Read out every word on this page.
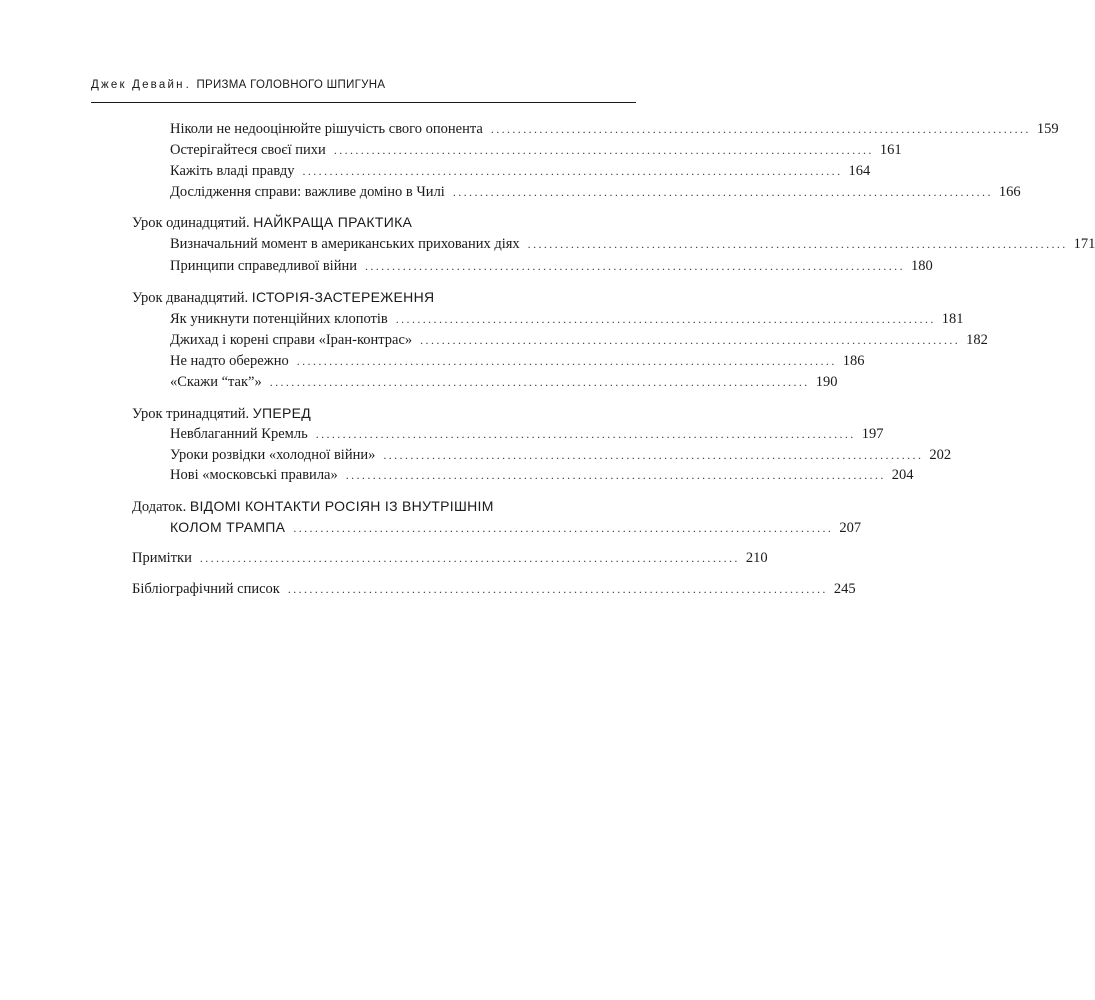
Джек Девайн. ПРИЗМА ГОЛОВНОГО ШПИГУНА
Ніколи не недооцінюйте рішучість свого опонента .................................................................................................... 159
Остерігайтеся своєї пихи .................................................................................................... 161
Кажіть владі правду .................................................................................................... 164
Дослідження справи: важливе доміно в Чилі .................................................................................................... 166
Урок одинадцятий. НАЙКРАЩА ПРАКТИКА
Визначальний момент в американських прихованих діях .................................................................................................... 171
Принципи справедливої війни .................................................................................................... 180
Урок дванадцятий. ІСТОРІЯ-ЗАСТЕРЕЖЕННЯ
Як уникнути потенційних клопотів .................................................................................................... 181
Джихад і корені справи «Іран-контрас» .................................................................................................... 182
Не надто обережно .................................................................................................... 186
«Скажи “так”» .................................................................................................... 190
Урок тринадцятий. УПЕРЕД
Невблаганний Кремль .................................................................................................... 197
Уроки розвідки «холодної війни» .................................................................................................... 202
Нові «московські правила» .................................................................................................... 204
Додаток. ВІДОМІ КОНТАКТИ РОСІЯН ІЗ ВНУТРІШНІМ
КОЛОМ ТРАМПА .................................................................................................... 207
Примітки .................................................................................................... 210
Бібліографічний список .................................................................................................... 245
